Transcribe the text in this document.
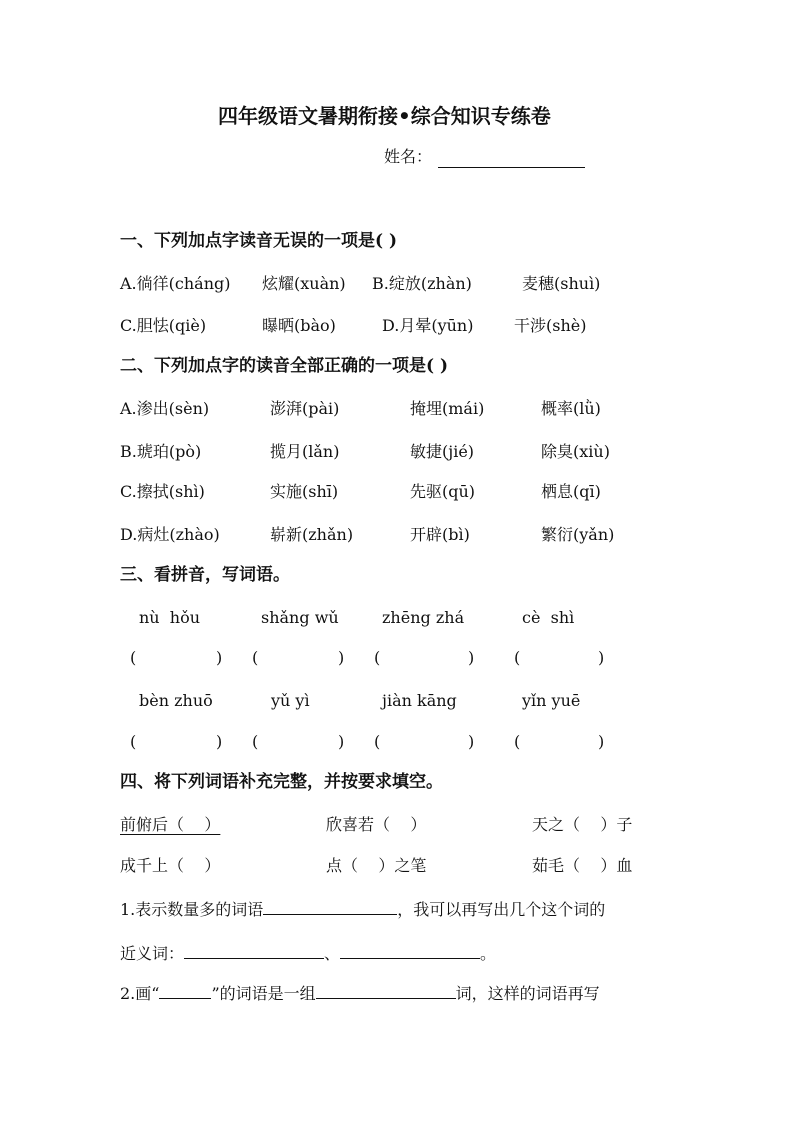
四年级语文暑期衔接•综合知识专练卷
姓名：
一、下列加点字读音无误的一项是( )
A.徜徉(cháng) 炫耀(xuàn) B.绽放(zhàn)	麦穗(shuì)
C.胆怯(qiè)	曝晒(bào)	D.月晕(yūn)	干涉(shè)
二、下列加点字的读音全部正确的一项是( )
A.渗出(sèn)	澎湃(pài)	掩埋(mái)	概率(lǜ)
B.琥珀(pò)	揽月(lǎn)	敏捷(jié)	除臭(xiù)
C.擦拭(shì)	实施(shī)	先驱(qū)	栖息(qī)
D.病灶(zhào)	崭新(zhǎn)	开辟(bì)	繁衍(yǎn)
三、看拼音，写词语。
nù  hǒu	shǎng wǔ	zhēng zhá	cè  shì
(	) (	) (	) (	)
bèn zhuō	yǔ yì	jiàn kāng	yǐn yuē
(	) (	) (	) (	)
四、将下列词语补充完整，并按要求填空。
前俯后（    ）	欣喜若（    ）	天之（    ）子
成千上（    ）	点（    ）之笔	茹毛（    ）血
1.表示数量多的词语	，我可以再写出几个这个词的
近义词：	、	。
2.画“	”的词语是一组	词，这样的词语再写
